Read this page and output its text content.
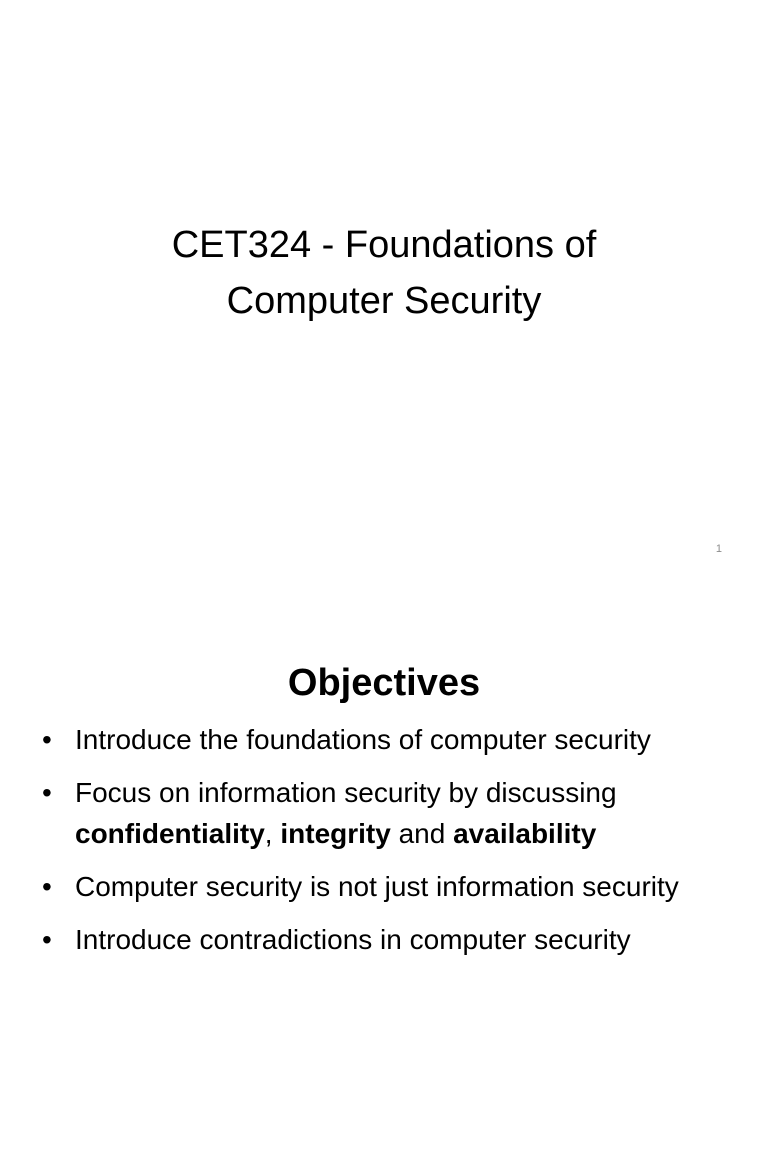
CET324 - Foundations of
Computer Security
1
Objectives
• Introduce the foundations of computer security
• Focus on information security by discussing confidentiality, integrity and availability
• Computer security is not just information security
• Introduce contradictions in computer security
